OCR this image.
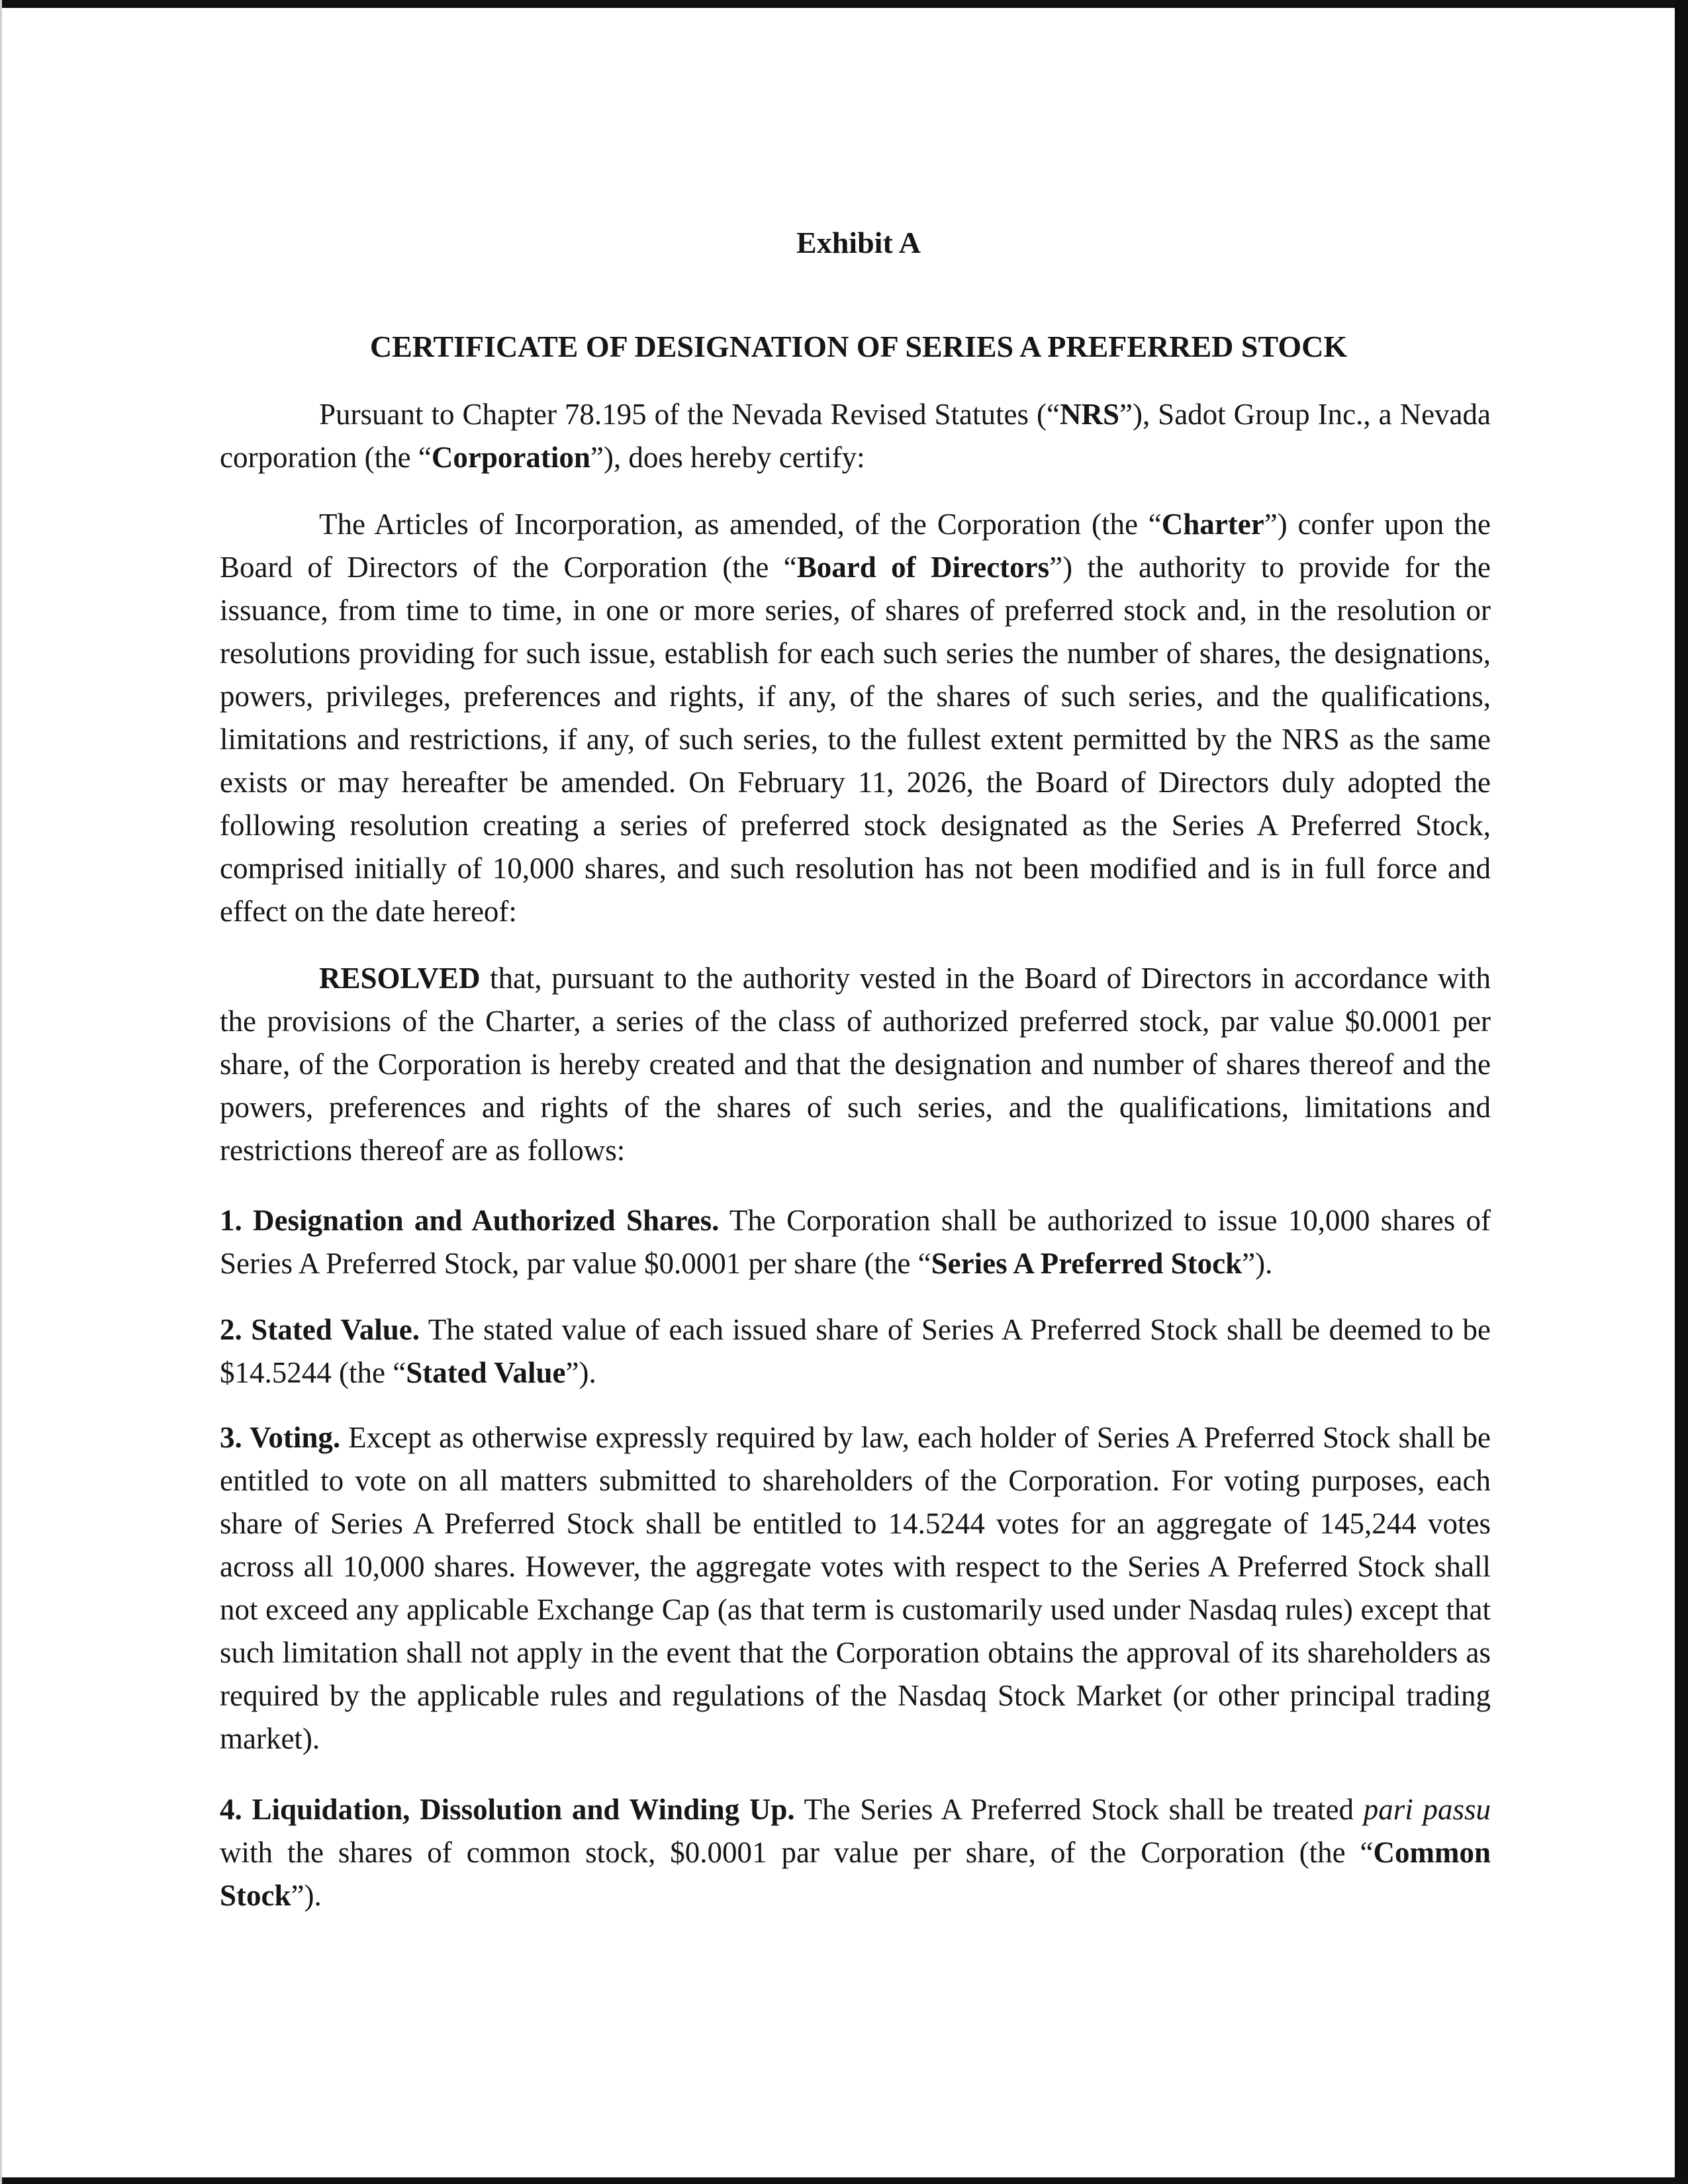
Exhibit A
CERTIFICATE OF DESIGNATION OF SERIES A PREFERRED STOCK

Pursuant to Chapter 78.195 of the Nevada Revised Statutes (“NRS”), Sadot Group Inc., a Nevada corporation (the “Corporation”), does hereby certify:

The Articles of Incorporation, as amended, of the Corporation (the “Charter”) confer upon the Board of Directors of the Corporation (the “Board of Directors”) the authority to provide for the issuance, from time to time, in one or more series, of shares of preferred stock and, in the resolution or resolutions providing for such issue, establish for each such series the number of shares, the designations, powers, privileges, preferences and rights, if any, of the shares of such series, and the qualifications, limitations and restrictions, if any, of such series, to the fullest extent permitted by the NRS as the same exists or may hereafter be amended. On February 11, 2026, the Board of Directors duly adopted the following resolution creating a series of preferred stock designated as the Series A Preferred Stock, comprised initially of 10,000 shares, and such resolution has not been modified and is in full force and effect on the date hereof:

RESOLVED that, pursuant to the authority vested in the Board of Directors in accordance with the provisions of the Charter, a series of the class of authorized preferred stock, par value $0.0001 per share, of the Corporation is hereby created and that the designation and number of shares thereof and the powers, preferences and rights of the shares of such series, and the qualifications, limitations and restrictions thereof are as follows:

1. Designation and Authorized Shares. The Corporation shall be authorized to issue 10,000 shares of Series A Preferred Stock, par value $0.0001 per share (the “Series A Preferred Stock”).

2. Stated Value. The stated value of each issued share of Series A Preferred Stock shall be deemed to be $14.5244 (the “Stated Value”).

3. Voting. Except as otherwise expressly required by law, each holder of Series A Preferred Stock shall be entitled to vote on all matters submitted to shareholders of the Corporation. For voting purposes, each share of Series A Preferred Stock shall be entitled to 14.5244 votes for an aggregate of 145,244 votes across all 10,000 shares. However, the aggregate votes with respect to the Series A Preferred Stock shall not exceed any applicable Exchange Cap (as that term is customarily used under Nasdaq rules) except that such limitation shall not apply in the event that the Corporation obtains the approval of its shareholders as required by the applicable rules and regulations of the Nasdaq Stock Market (or other principal trading market).

4. Liquidation, Dissolution and Winding Up. The Series A Preferred Stock shall be treated pari passu with the shares of common stock, $0.0001 par value per share, of the Corporation (the “Common Stock”).
